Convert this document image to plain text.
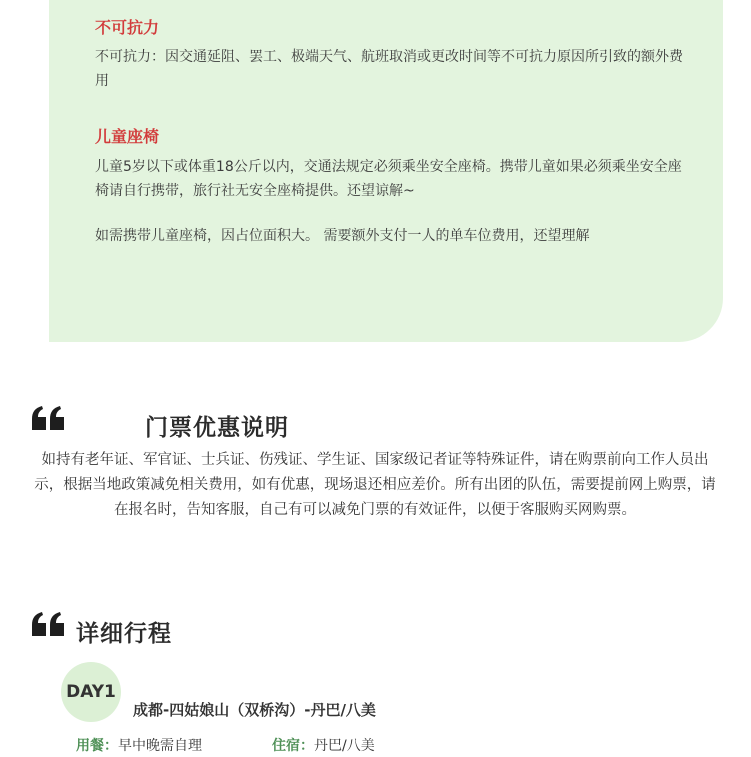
不可抗力

不可抗力：因交通延阻、罢工、极端天气、航班取消或更改时间等不可抗力原因所引致的额外费用

儿童座椅

儿童5岁以下或体重18公斤以内，交通法规定必须乘坐安全座椅。携带儿童如果必须乘坐安全座椅请自行携带，旅行社无安全座椅提供。还望谅解~

如需携带儿童座椅，因占位面积大。 需要额外支付一人的单车位费用，还望理解

门票优惠说明

如持有老年证、军官证、士兵证、伤残证、学生证、国家级记者证等特殊证件，请在购票前向工作人员出示，根据当地政策减免相关费用，如有优惠，现场退还相应差价。所有出团的队伍，需要提前网上购票，请在报名时，告知客服，自己有可以减免门票的有效证件，以便于客服购买网购票。

详细行程
DAY1

成都-四姑娘山（双桥沟）-丹巴/八美

用餐：早中晚需自理	住宿：丹巴/八美
